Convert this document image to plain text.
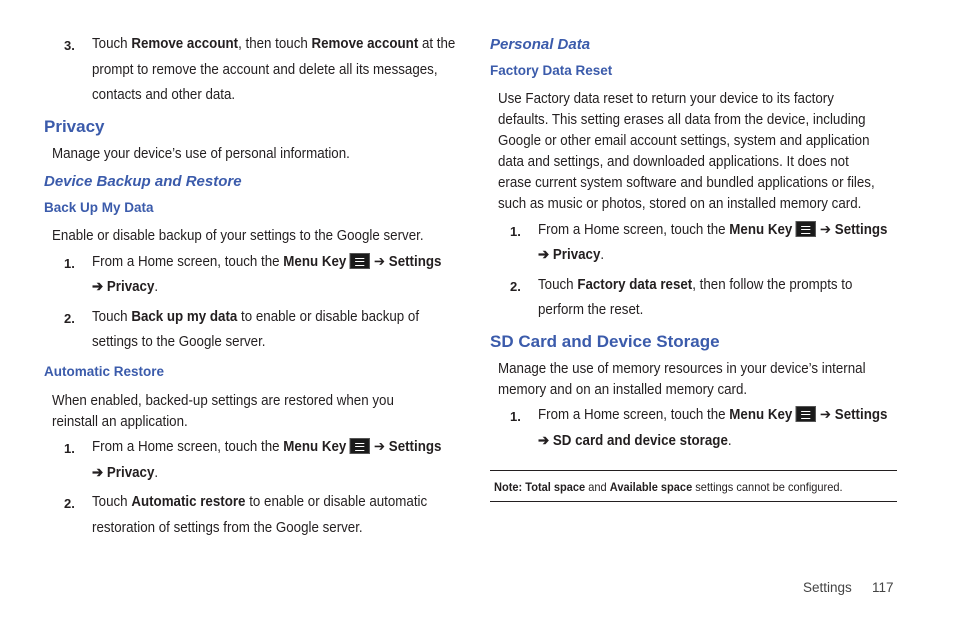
3. Touch Remove account, then touch Remove account at the
prompt to remove the account and delete all its messages,
contacts and other data.
Privacy
Manage your device’s use of personal information.
Device Backup and Restore
Back Up My Data
Enable or disable backup of your settings to the Google server.
1. From a Home screen, touch the Menu Key ➔ Settings
➔ Privacy.
2. Touch Back up my data to enable or disable backup of
settings to the Google server.
Automatic Restore
When enabled, backed-up settings are restored when you
reinstall an application.
1. From a Home screen, touch the Menu Key ➔ Settings
➔ Privacy.
2. Touch Automatic restore to enable or disable automatic
restoration of settings from the Google server.
Personal Data
Factory Data Reset
Use Factory data reset to return your device to its factory
defaults. This setting erases all data from the device, including
Google or other email account settings, system and application
data and settings, and downloaded applications. It does not
erase current system software and bundled applications or files,
such as music or photos, stored on an installed memory card.
1. From a Home screen, touch the Menu Key ➔ Settings
➔ Privacy.
2. Touch Factory data reset, then follow the prompts to
perform the reset.
SD Card and Device Storage
Manage the use of memory resources in your device’s internal
memory and on an installed memory card.
1. From a Home screen, touch the Menu Key ➔ Settings
➔ SD card and device storage.
Note: Total space and Available space settings cannot be configured.
Settings 117
